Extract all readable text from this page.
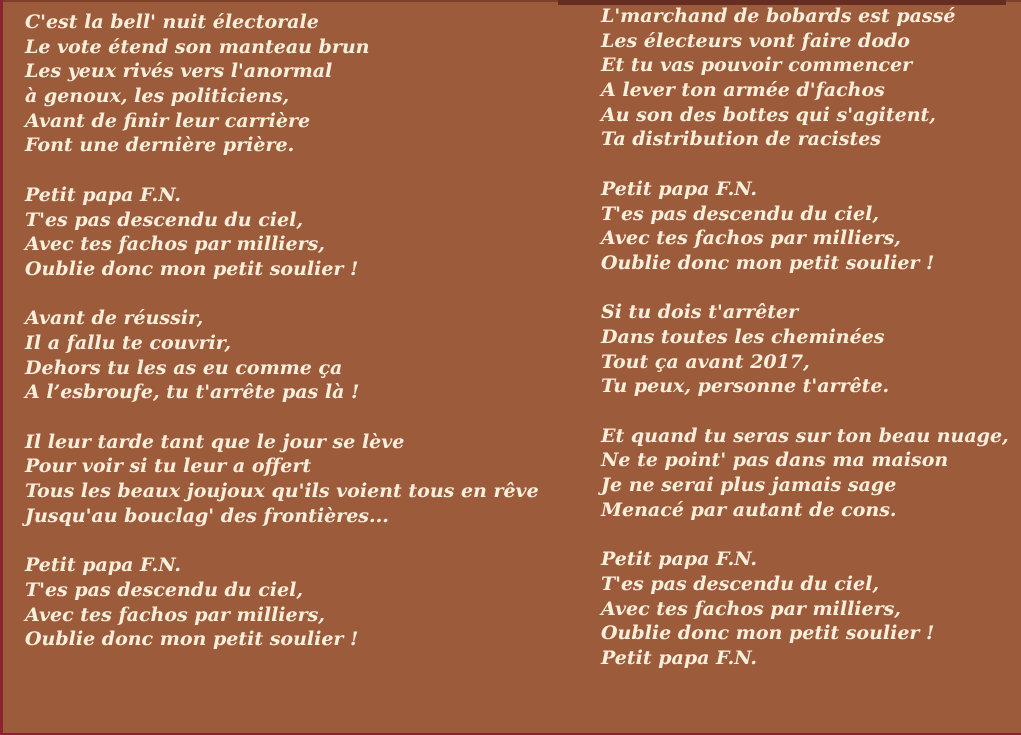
C'est la bell' nuit électorale
Le vote étend son manteau brun
Les yeux rivés vers l'anormal
à genoux, les politiciens,
Avant de finir leur carrière
Font une dernière prière.
Petit papa F.N.
T'es pas descendu du ciel,
Avec tes fachos par milliers,
Oublie donc mon petit soulier !
Avant de réussir,
Il a fallu te couvrir,
Dehors tu les as eu comme ça
A l’esbroufe, tu t'arrête pas là !
Il leur tarde tant que le jour se lève
Pour voir si tu leur a offert
Tous les beaux joujoux qu'ils voient tous en rêve
Jusqu'au bouclag' des frontières...
Petit papa F.N.
T'es pas descendu du ciel,
Avec tes fachos par milliers,
Oublie donc mon petit soulier !
L'marchand de bobards est passé
Les électeurs vont faire dodo
Et tu vas pouvoir commencer
A lever ton armée d'fachos
Au son des bottes qui s'agitent,
Ta distribution de racistes
Petit papa F.N.
T'es pas descendu du ciel,
Avec tes fachos par milliers,
Oublie donc mon petit soulier !
Si tu dois t'arrêter
Dans toutes les cheminées
Tout ça avant 2017,
Tu peux, personne t'arrête.
Et quand tu seras sur ton beau nuage,
Ne te point' pas dans ma maison
Je ne serai plus jamais sage
Menacé par autant de cons.
Petit papa F.N.
T'es pas descendu du ciel,
Avec tes fachos par milliers,
Oublie donc mon petit soulier !
Petit papa F.N.
